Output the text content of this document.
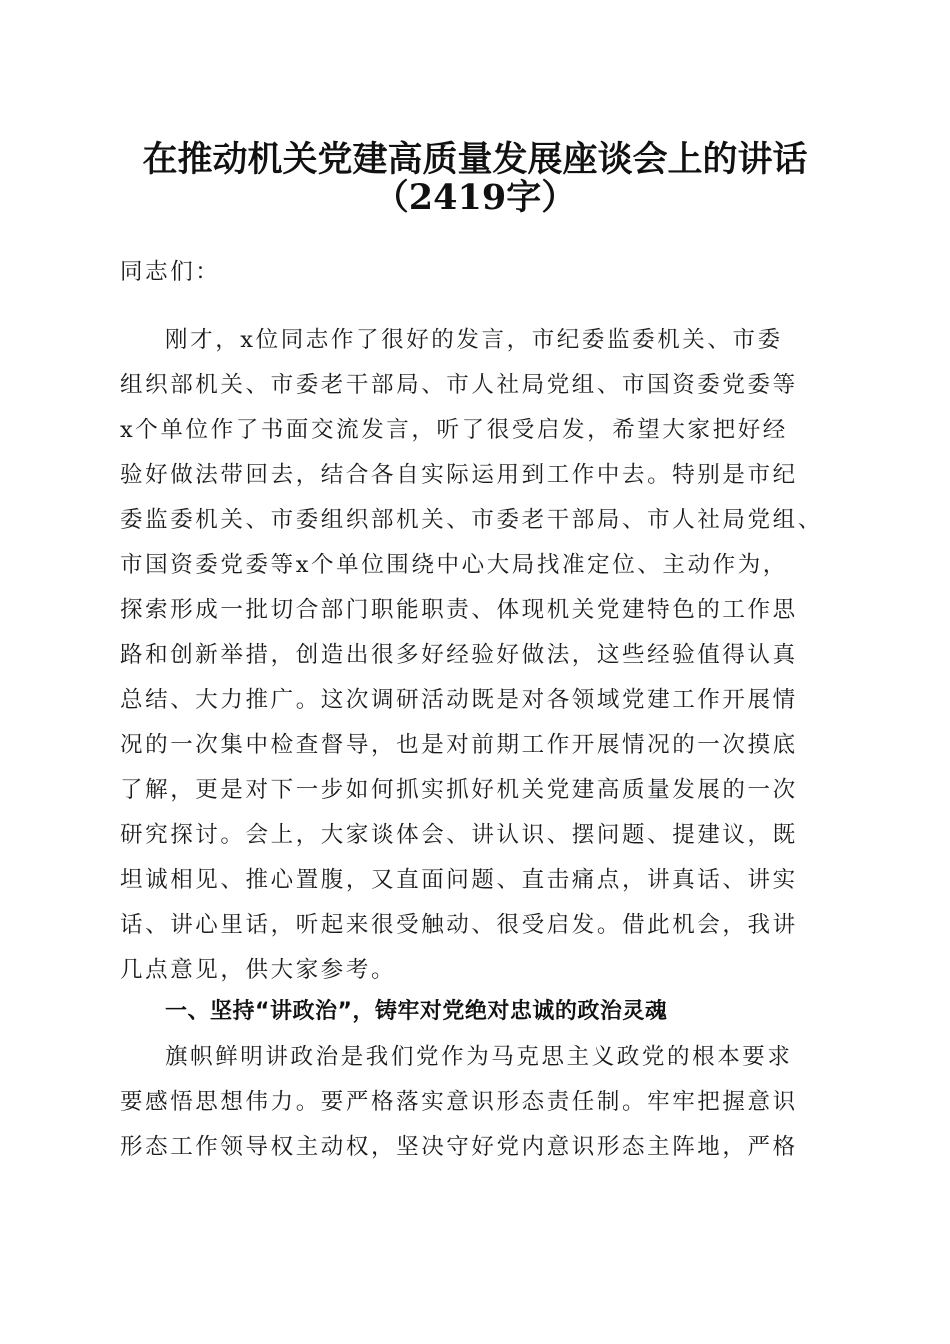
在推动机关党建高质量发展座谈会上的讲话
（2419字）
同志们：
刚才，x位同志作了很好的发言，市纪委监委机关、市委
组织部机关、市委老干部局、市人社局党组、市国资委党委等
x个单位作了书面交流发言，听了很受启发，希望大家把好经
验好做法带回去，结合各自实际运用到工作中去。特别是市纪
委监委机关、市委组织部机关、市委老干部局、市人社局党组、
市国资委党委等x个单位围绕中心大局找准定位、主动作为，
探索形成一批切合部门职能职责、体现机关党建特色的工作思
路和创新举措，创造出很多好经验好做法，这些经验值得认真
总结、大力推广。这次调研活动既是对各领域党建工作开展情
况的一次集中检查督导，也是对前期工作开展情况的一次摸底
了解，更是对下一步如何抓实抓好机关党建高质量发展的一次
研究探讨。会上，大家谈体会、讲认识、摆问题、提建议，既
坦诚相见、推心置腹，又直面问题、直击痛点，讲真话、讲实
话、讲心里话，听起来很受触动、很受启发。借此机会，我讲
几点意见，供大家参考。
一、坚持“讲政治”，铸牢对党绝对忠诚的政治灵魂
旗帜鲜明讲政治是我们党作为马克思主义政党的根本要求
要感悟思想伟力。要严格落实意识形态责任制。牢牢把握意识
形态工作领导权主动权，坚决守好党内意识形态主阵地，严格
